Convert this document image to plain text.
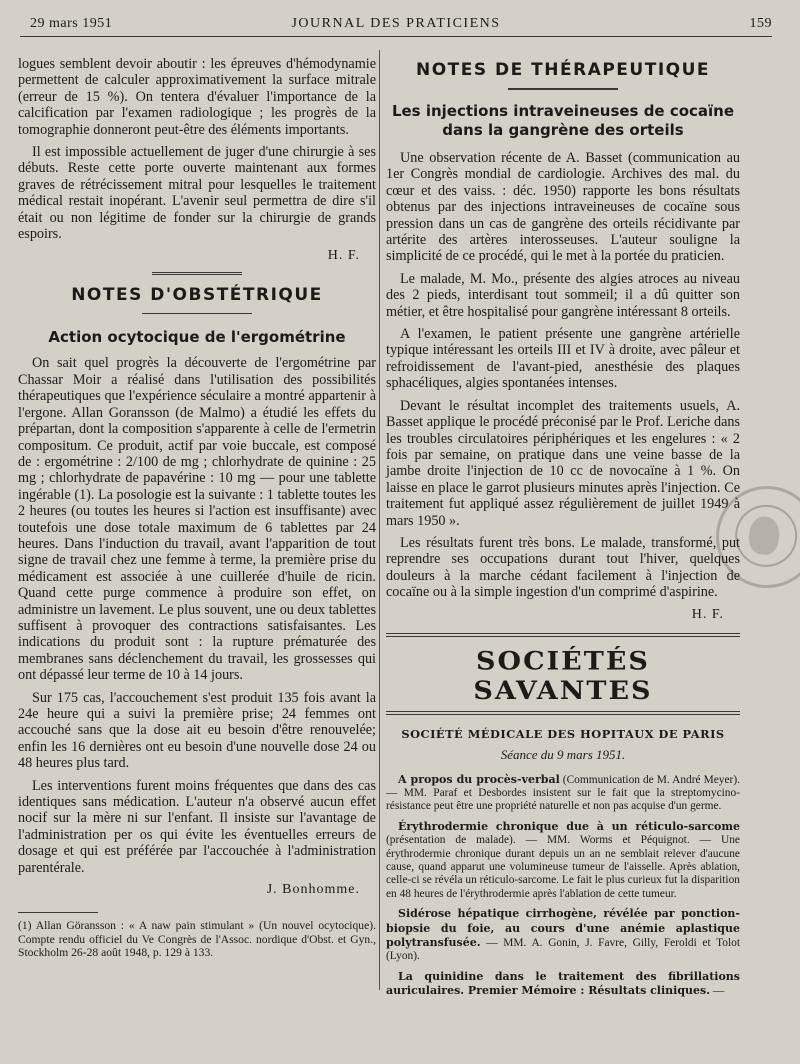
29 mars 1951	JOURNAL DES PRATICIENS	159

logues semblent devoir aboutir : les épreuves d'hémodynamie permettent de calculer approximativement la surface mitrale (erreur de 15 %). On tentera d'évaluer l'importance de la calcification par l'examen radiologique ; les progrès de la tomographie donneront peut-être des éléments importants.

Il est impossible actuellement de juger d'une chirurgie à ses débuts. Reste cette porte ouverte maintenant aux formes graves de rétrécissement mitral pour lesquelles le traitement médical restait inopérant. L'avenir seul permettra de dire s'il était ou non légitime de fonder sur la chirurgie de grands espoirs.

H. F.
NOTES D'OBSTÉTRIQUE
Action ocytocique de l'ergométrine

On sait quel progrès la découverte de l'ergométrine par Chassar Moir a réalisé dans l'utilisation des possibilités thérapeutiques que l'expérience séculaire a montré appartenir à l'ergone. Allan Goransson (de Malmo) a étudié les effets du prépartan, dont la composition s'apparente à celle de l'ermetrin compositum. Ce produit, actif par voie buccale, est composé de : ergométrine : 2/100 de mg ; chlorhydrate de quinine : 25 mg ; chlorhydrate de papavérine : 10 mg — pour une tablette ingérable (1). La posologie est la suivante : 1 tablette toutes les 2 heures (ou toutes les heures si l'action est insuffisante) avec toutefois une dose totale maximum de 6 tablettes par 24 heures. Dans l'induction du travail, avant l'apparition de tout signe de travail chez une femme à terme, la première prise du médicament est associée à une cuillerée d'huile de ricin. Quand cette purge commence à produire son effet, on administre un lavement. Le plus souvent, une ou deux tablettes suffisent à provoquer des contractions satisfaisantes. Les indications du produit sont : la rupture prématurée des membranes sans déclenchement du travail, les grossesses qui ont dépassé leur terme de 10 à 14 jours.

Sur 175 cas, l'accouchement s'est produit 135 fois avant la 24e heure qui a suivi la première prise; 24 femmes ont accouché sans que la dose ait eu besoin d'être renouvelée; enfin les 16 dernières ont eu besoin d'une nouvelle dose 24 ou 48 heures plus tard.

Les interventions furent moins fréquentes que dans des cas identiques sans médication. L'auteur n'a observé aucun effet nocif sur la mère ni sur l'enfant. Il insiste sur l'avantage de l'administration per os qui évite les éventuelles erreurs de dosage et qui est préférée par l'accouchée à l'administration parentérale.

J. Bonhomme.

(1) Allan Göransson : « A naw pain stimulant » (Un nouvel ocytocique). Compte rendu officiel du Ve Congrès de l'Assoc. nordique d'Obst. et Gyn., Stockholm 26-28 août 1948, p. 129 à 133.

NOTES DE THÉRAPEUTIQUE
Les injections intraveineuses de cocaïne dans la gangrène des orteils

Une observation récente de A. Basset (communication au 1er Congrès mondial de cardiologie. Archives des mal. du cœur et des vaiss. : déc. 1950) rapporte les bons résultats obtenus par des injections intraveineuses de cocaïne sous pression dans un cas de gangrène des orteils récidivante par artérite des artères interosseuses. L'auteur souligne la simplicité de ce procédé, qui le met à la portée du praticien.

Le malade, M. Mo., présente des algies atroces au niveau des 2 pieds, interdisant tout sommeil; il a dû quitter son métier, et être hospitalisé pour gangrène intéressant 8 orteils.

A l'examen, le patient présente une gangrène artérielle typique intéressant les orteils III et IV à droite, avec pâleur et refroidissement de l'avant-pied, anesthésie des plaques sphacéliques, algies spontanées intenses.

Devant le résultat incomplet des traitements usuels, A. Basset applique le procédé préconisé par le Prof. Leriche dans les troubles circulatoires périphériques et les engelures : « 2 fois par semaine, on pratique dans une veine basse de la jambe droite l'injection de 10 cc de novocaïne à 1 %. On laisse en place le garrot plusieurs minutes après l'injection. Ce traitement fut appliqué assez régulièrement de juillet 1949 à mars 1950 ».

Les résultats furent très bons. Le malade, transformé, put reprendre ses occupations durant tout l'hiver, quelques douleurs à la marche cédant facilement à l'injection de cocaïne ou à la simple ingestion d'un comprimé d'aspirine.

H. F.
SOCIÉTÉS SAVANTES
SOCIÉTÉ MÉDICALE DES HOPITAUX DE PARIS
Séance du 9 mars 1951.

A propos du procès-verbal (Communication de M. André Meyer). — MM. Paraf et Desbordes insistent sur le fait que la streptomycino-résistance peut être une propriété naturelle et non pas acquise d'un germe.

Érythrodermie chronique due à un réticulo-sarcome (présentation de malade). — MM. Worms et Péquignot. — Une érythrodermie chronique durant depuis un an ne semblait relever d'aucune cause, quand apparut une volumineuse tumeur de l'aisselle. Après ablation, celle-ci se révéla un réticulo-sarcome. Le fait le plus curieux fut la disparition en 48 heures de l'érythrodermie après l'ablation de cette tumeur.

Sidérose hépatique cirrhogène, révélée par ponction-biopsie du foie, au cours d'une anémie aplastique polytransfusée. — MM. A. Gonin, J. Favre, Gilly, Feroldi et Tolot (Lyon).

La quinidine dans le traitement des fibrillations auriculaires. Premier Mémoire : Résultats cliniques. —
